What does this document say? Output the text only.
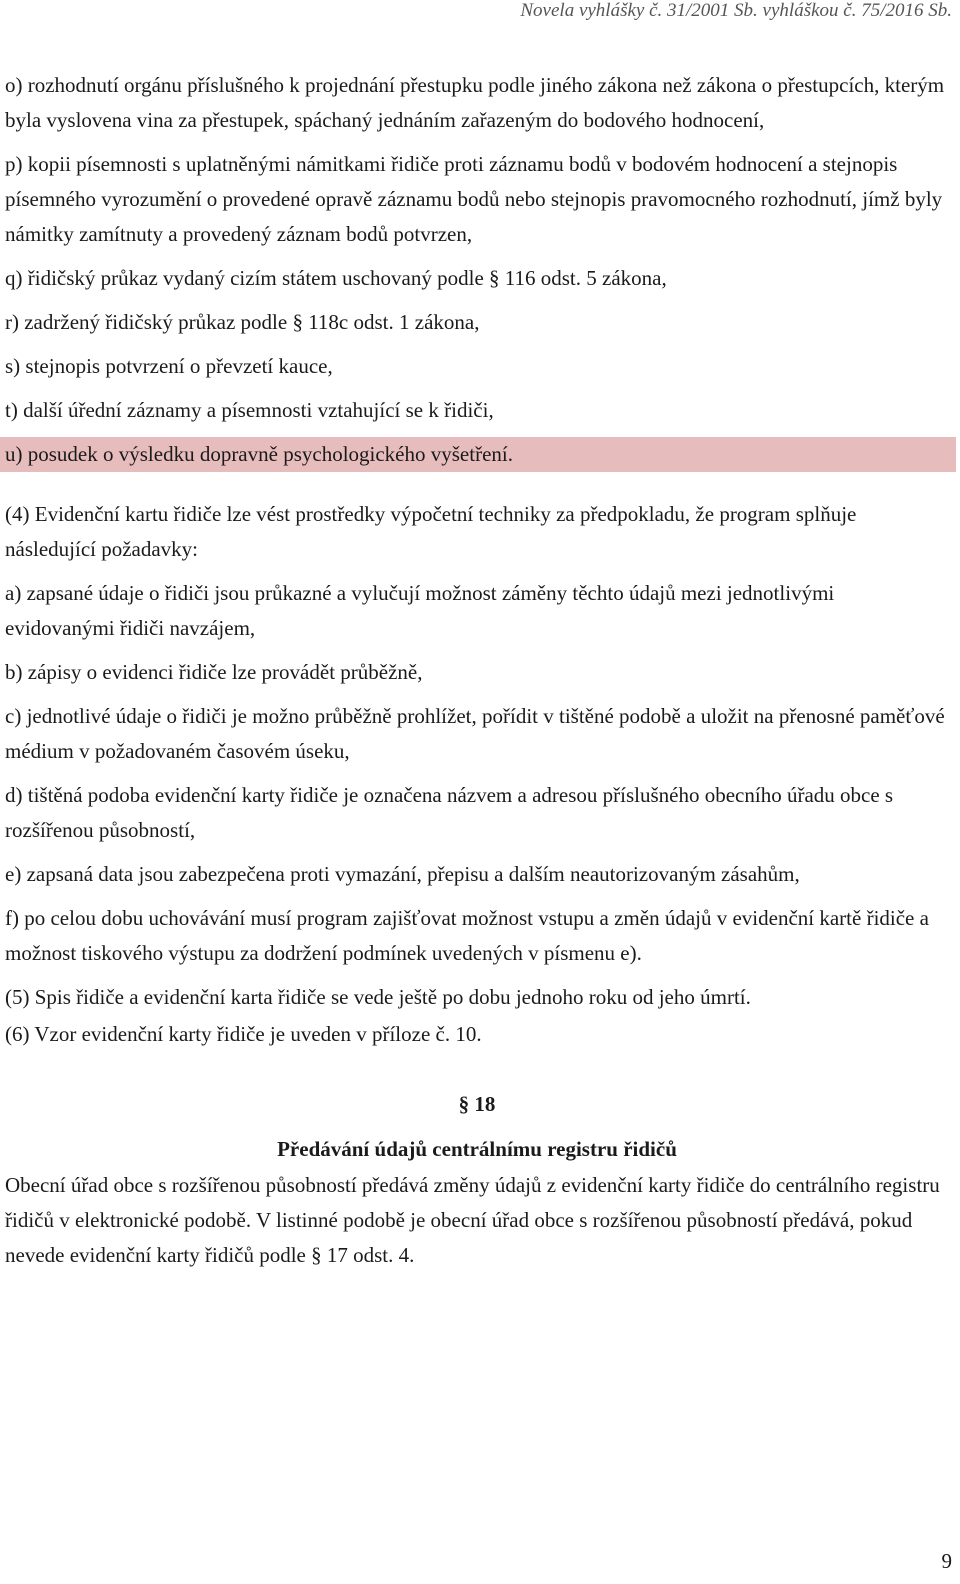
Novela vyhlášky č. 31/2001 Sb. vyhláškou č. 75/2016 Sb.

o) rozhodnutí orgánu příslušného k projednání přestupku podle jiného zákona než zákona o přestupcích, kterým byla vyslovena vina za přestupek, spáchaný jednáním zařazeným do bodového hodnocení,

p) kopii písemnosti s uplatněnými námitkami řidiče proti záznamu bodů v bodovém hodnocení a stejnopis písemného vyrozumění o provedené opravě záznamu bodů nebo stejnopis pravomocného rozhodnutí, jímž byly námitky zamítnuty a provedený záznam bodů potvrzen,

q) řidičský průkaz vydaný cizím státem uschovaný podle § 116 odst. 5 zákona,

r) zadržený řidičský průkaz podle § 118c odst. 1 zákona,

s) stejnopis potvrzení o převzetí kauce,

t) další úřední záznamy a písemnosti vztahující se k řidiči,

u) posudek o výsledku dopravně psychologického vyšetření.

(4) Evidenční kartu řidiče lze vést prostředky výpočetní techniky za předpokladu, že program splňuje následující požadavky:

a) zapsané údaje o řidiči jsou průkazné a vylučují možnost záměny těchto údajů mezi jednotlivými evidovanými řidiči navzájem,

b) zápisy o evidenci řidiče lze provádět průběžně,

c) jednotlivé údaje o řidiči je možno průběžně prohlížet, pořídit v tištěné podobě a uložit na přenosné paměťové médium v požadovaném časovém úseku,

d) tištěná podoba evidenční karty řidiče je označena názvem a adresou příslušného obecního úřadu obce s rozšířenou působností,

e) zapsaná data jsou zabezpečena proti vymazání, přepisu a dalším neautorizovaným zásahům,

f) po celou dobu uchovávání musí program zajišťovat možnost vstupu a změn údajů v evidenční kartě řidiče a možnost tiskového výstupu za dodržení podmínek uvedených v písmenu e).

(5) Spis řidiče a evidenční karta řidiče se vede ještě po dobu jednoho roku od jeho úmrtí.

(6) Vzor evidenční karty řidiče je uveden v příloze č. 10.

§ 18

Předávání údajů centrálnímu registru řidičů

Obecní úřad obce s rozšířenou působností předává změny údajů z evidenční karty řidiče do centrálního registru řidičů v elektronické podobě. V listinné podobě je obecní úřad obce s rozšířenou působností předává, pokud nevede evidenční karty řidičů podle § 17 odst. 4.

9
